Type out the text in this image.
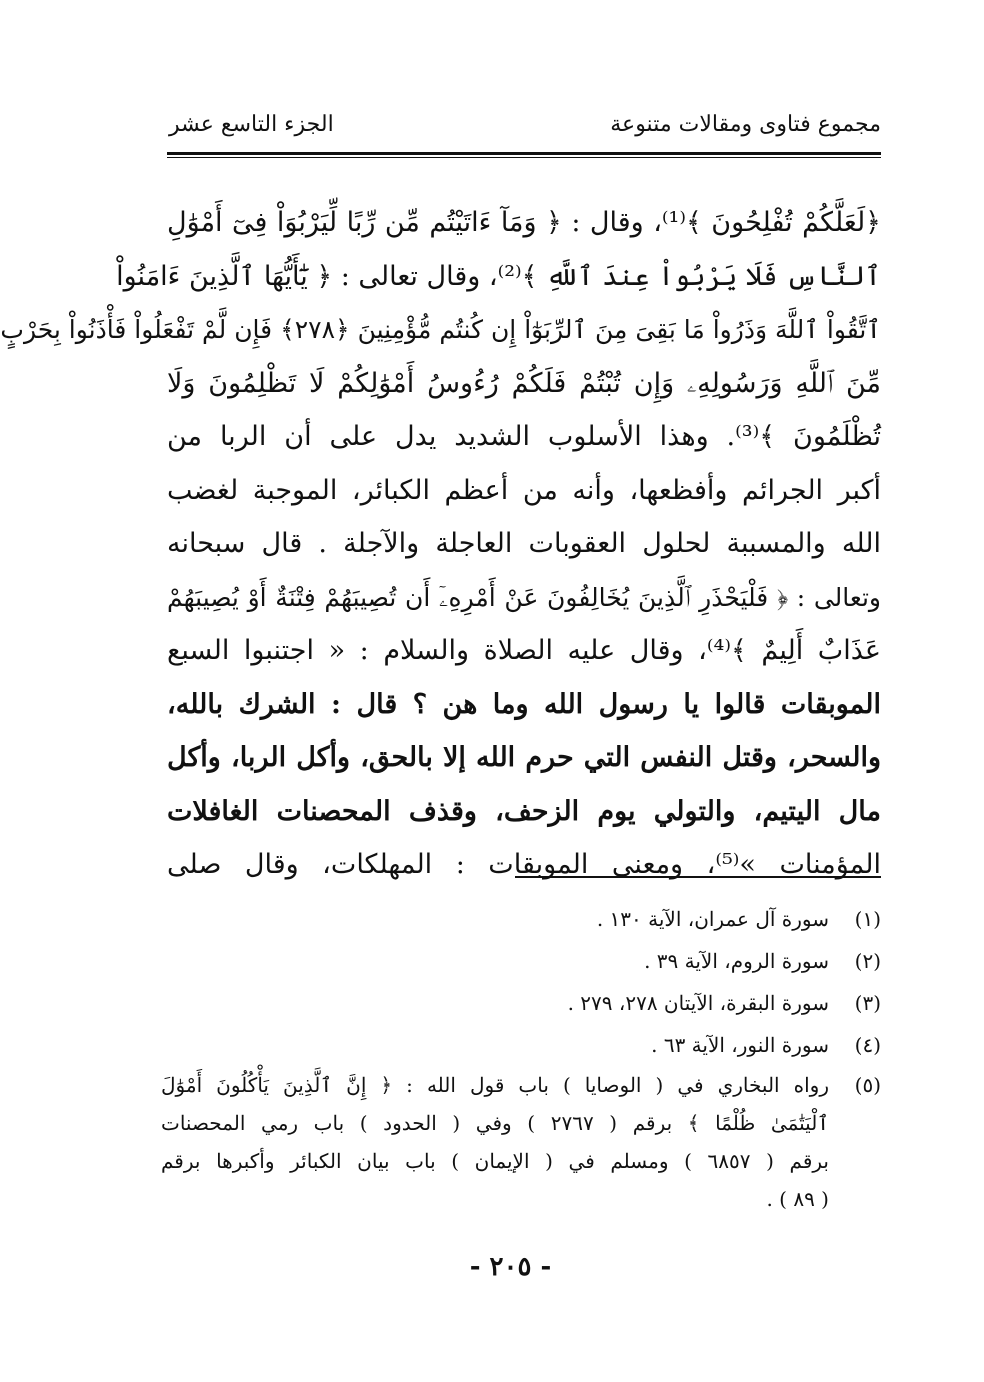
مجموع فتاوى ومقالات متنوعة
الجزء التاسع عشر
﴿لَعَلَّكُمْ تُفْلِحُونَ ﴾⁽¹⁾، وقال : ﴿ وَمَآ ءَاتَيْتُم مِّن رِّبًا لِّيَرْبُوَاْ فِىٓ أَمْوَٰلِ
ٱلنَّاسِ فَلَا يَرْبُواْ عِندَ ٱللَّهِ ﴾⁽²⁾، وقال تعالى : ﴿ يَٰٓأَيُّهَا ٱلَّذِينَ ءَامَنُواْ
ٱتَّقُواْ ٱللَّهَ وَذَرُواْ مَا بَقِىَ مِنَ ٱلرِّبَوٰٓاْ إِن كُنتُم مُّؤْمِنِينَ ﴿٢٧٨﴾ فَإِن لَّمْ تَفْعَلُواْ فَأْذَنُواْ بِحَرْبٍ
مِّنَ ٱللَّهِ وَرَسُولِهِۦ وَإِن تُبْتُمْ فَلَكُمْ رُءُوسُ أَمْوَٰلِكُمْ لَا تَظْلِمُونَ وَلَا
تُظْلَمُونَ ﴾⁽³⁾. وهذا الأسلوب الشديد يدل على أن الربا من
أكبر الجرائم وأفظعها، وأنه من أعظم الكبائر، الموجبة لغضب
الله والمسببة لحلول العقوبات العاجلة والآجلة . قال سبحانه
وتعالى : ﴿ فَلْيَحْذَرِ ٱلَّذِينَ يُخَالِفُونَ عَنْ أَمْرِهِۦٓ أَن تُصِيبَهُمْ فِتْنَةٌ أَوْ يُصِيبَهُمْ
عَذَابٌ أَلِيمٌ ﴾⁽⁴⁾، وقال عليه الصلاة والسلام : « اجتنبوا السبع
الموبقات قالوا يا رسول الله وما هن ؟ قال : الشرك بالله،
والسحر، وقتل النفس التي حرم الله إلا بالحق، وأكل الربا، وأكل
مال اليتيم، والتولي يوم الزحف، وقذف المحصنات الغافلات
المؤمنات »⁽⁵⁾، ومعنى الموبقات : المهلكات، وقال صلى
(١)
سورة آل عمران، الآية ١٣٠ .
(٢)
سورة الروم، الآية ٣٩ .
(٣)
سورة البقرة، الآيتان ٢٧٨، ٢٧٩ .
(٤)
سورة النور، الآية ٦٣ .
(٥)
رواه البخاري في ( الوصايا ) باب قول الله : ﴿ إِنَّ ٱلَّذِينَ يَأْكُلُونَ أَمْوَٰلَ
ٱلْيَتَٰمَىٰ ظُلْمًا ﴾ برقم ( ٢٧٦٧ ) وفي ( الحدود ) باب رمي المحصنات
برقم ( ٦٨٥٧ ) ومسلم في ( الإيمان ) باب بيان الكبائر وأكبرها برقم
( ٨٩ ) .
- ٢٠٥ -
